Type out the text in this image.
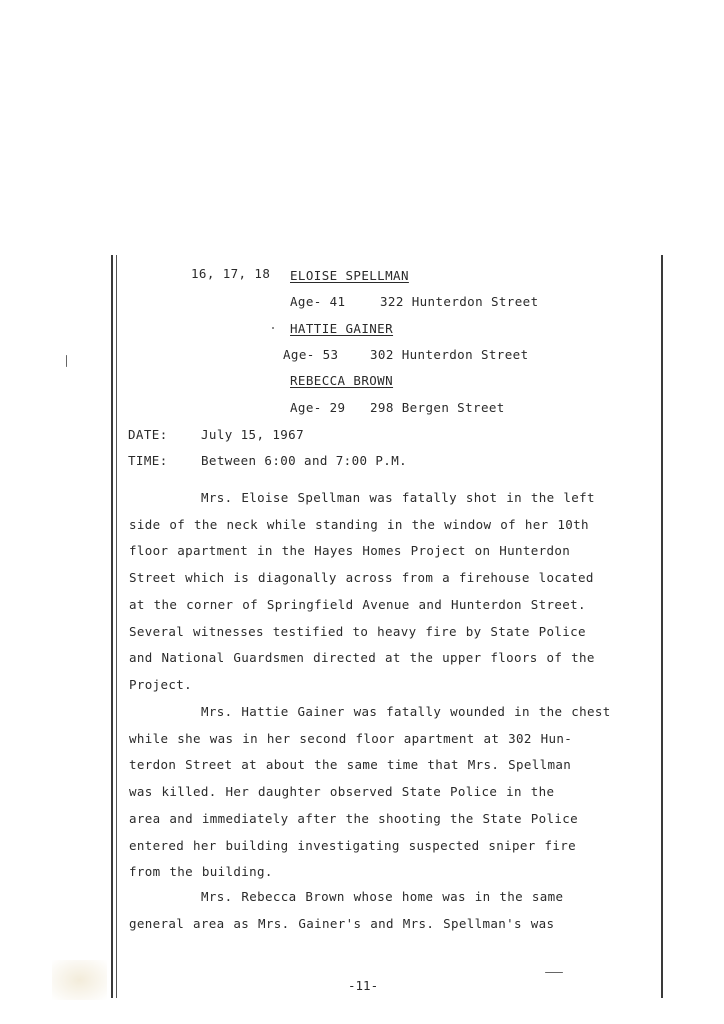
16, 17, 18 ELOISE SPELLMAN
Age- 41	322 Hunterdon Street
HATTIE GAINER
Age- 53	302 Hunterdon Street
REBECCA BROWN
Age- 29 298 Bergen Street
DATE:	July 15, 1967
TIME:	Between 6:00 and 7:00 P.M.
Mrs. Eloise Spellman was fatally shot in the left
side of the neck while standing in the window of her 10th
floor apartment in the Hayes Homes Project on Hunterdon
Street which is diagonally across from a firehouse located
at the corner of Springfield Avenue and Hunterdon Street.
Several witnesses testified to heavy fire by State Police
and National Guardsmen directed at the upper floors of the
Project.
Mrs. Hattie Gainer was fatally wounded in the chest
while she was in her second floor apartment at 302 Hun-
terdon Street at about the same time that Mrs. Spellman
was killed. Her daughter observed State Police in the
area and immediately after the shooting the State Police
entered her building investigating suspected sniper fire
from the building.
Mrs. Rebecca Brown whose home was in the same
general area as Mrs. Gainer's and Mrs. Spellman's was
-11-
